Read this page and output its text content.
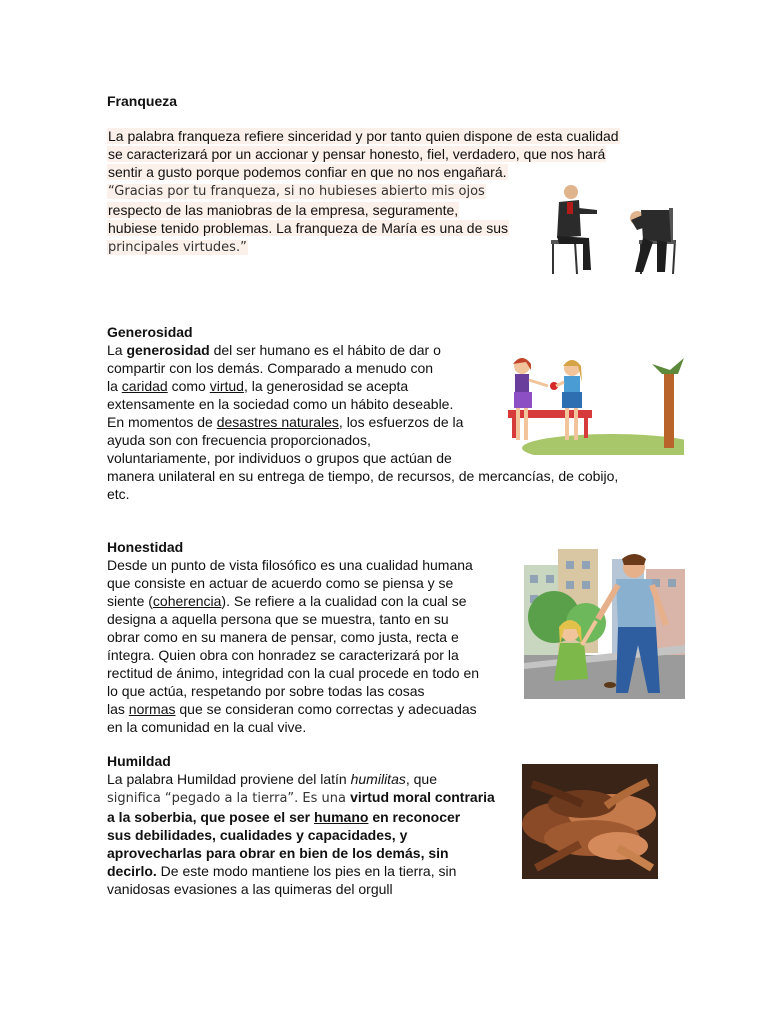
Franqueza
La palabra franqueza refiere sinceridad y por tanto quien dispone de esta cualidad
se caracterizará por un accionar y pensar honesto, fiel, verdadero, que nos hará
sentir a gusto porque podemos confiar en que no nos engañará.
“Gracias por tu franqueza, si no hubieses abierto mis ojos
respecto de las maniobras de la empresa, seguramente,
hubiese tenido problemas. La franqueza de María es una de sus
principales virtudes.”
Generosidad
La generosidad del ser humano es el hábito de dar o
compartir con los demás. Comparado a menudo con
la caridad como virtud, la generosidad se acepta
extensamente en la sociedad como un hábito deseable.
En momentos de desastres naturales, los esfuerzos de la
ayuda son con frecuencia proporcionados,
voluntariamente, por individuos o grupos que actúan de
manera unilateral en su entrega de tiempo, de recursos, de mercancías, de cobijo,
etc.
Honestidad
Desde un punto de vista filosófico es una cualidad humana
que consiste en actuar de acuerdo como se piensa y se
siente (coherencia). Se refiere a la cualidad con la cual se
designa a aquella persona que se muestra, tanto en su
obrar como en su manera de pensar, como justa, recta e
íntegra. Quien obra con honradez se caracterizará por la
rectitud de ánimo, integridad con la cual procede en todo en
lo que actúa, respetando por sobre todas las cosas
las normas que se consideran como correctas y adecuadas
en la comunidad en la cual vive.
Humildad
La palabra Humildad proviene del latín humilitas, que
significa “pegado a la tierra”. Es una virtud moral contraria
a la soberbia, que posee el ser humano en reconocer
sus debilidades, cualidades y capacidades, y
aprovecharlas para obrar en bien de los demás, sin
decirlo. De este modo mantiene los pies en la tierra, sin
vanidosas evasiones a las quimeras del orgull
